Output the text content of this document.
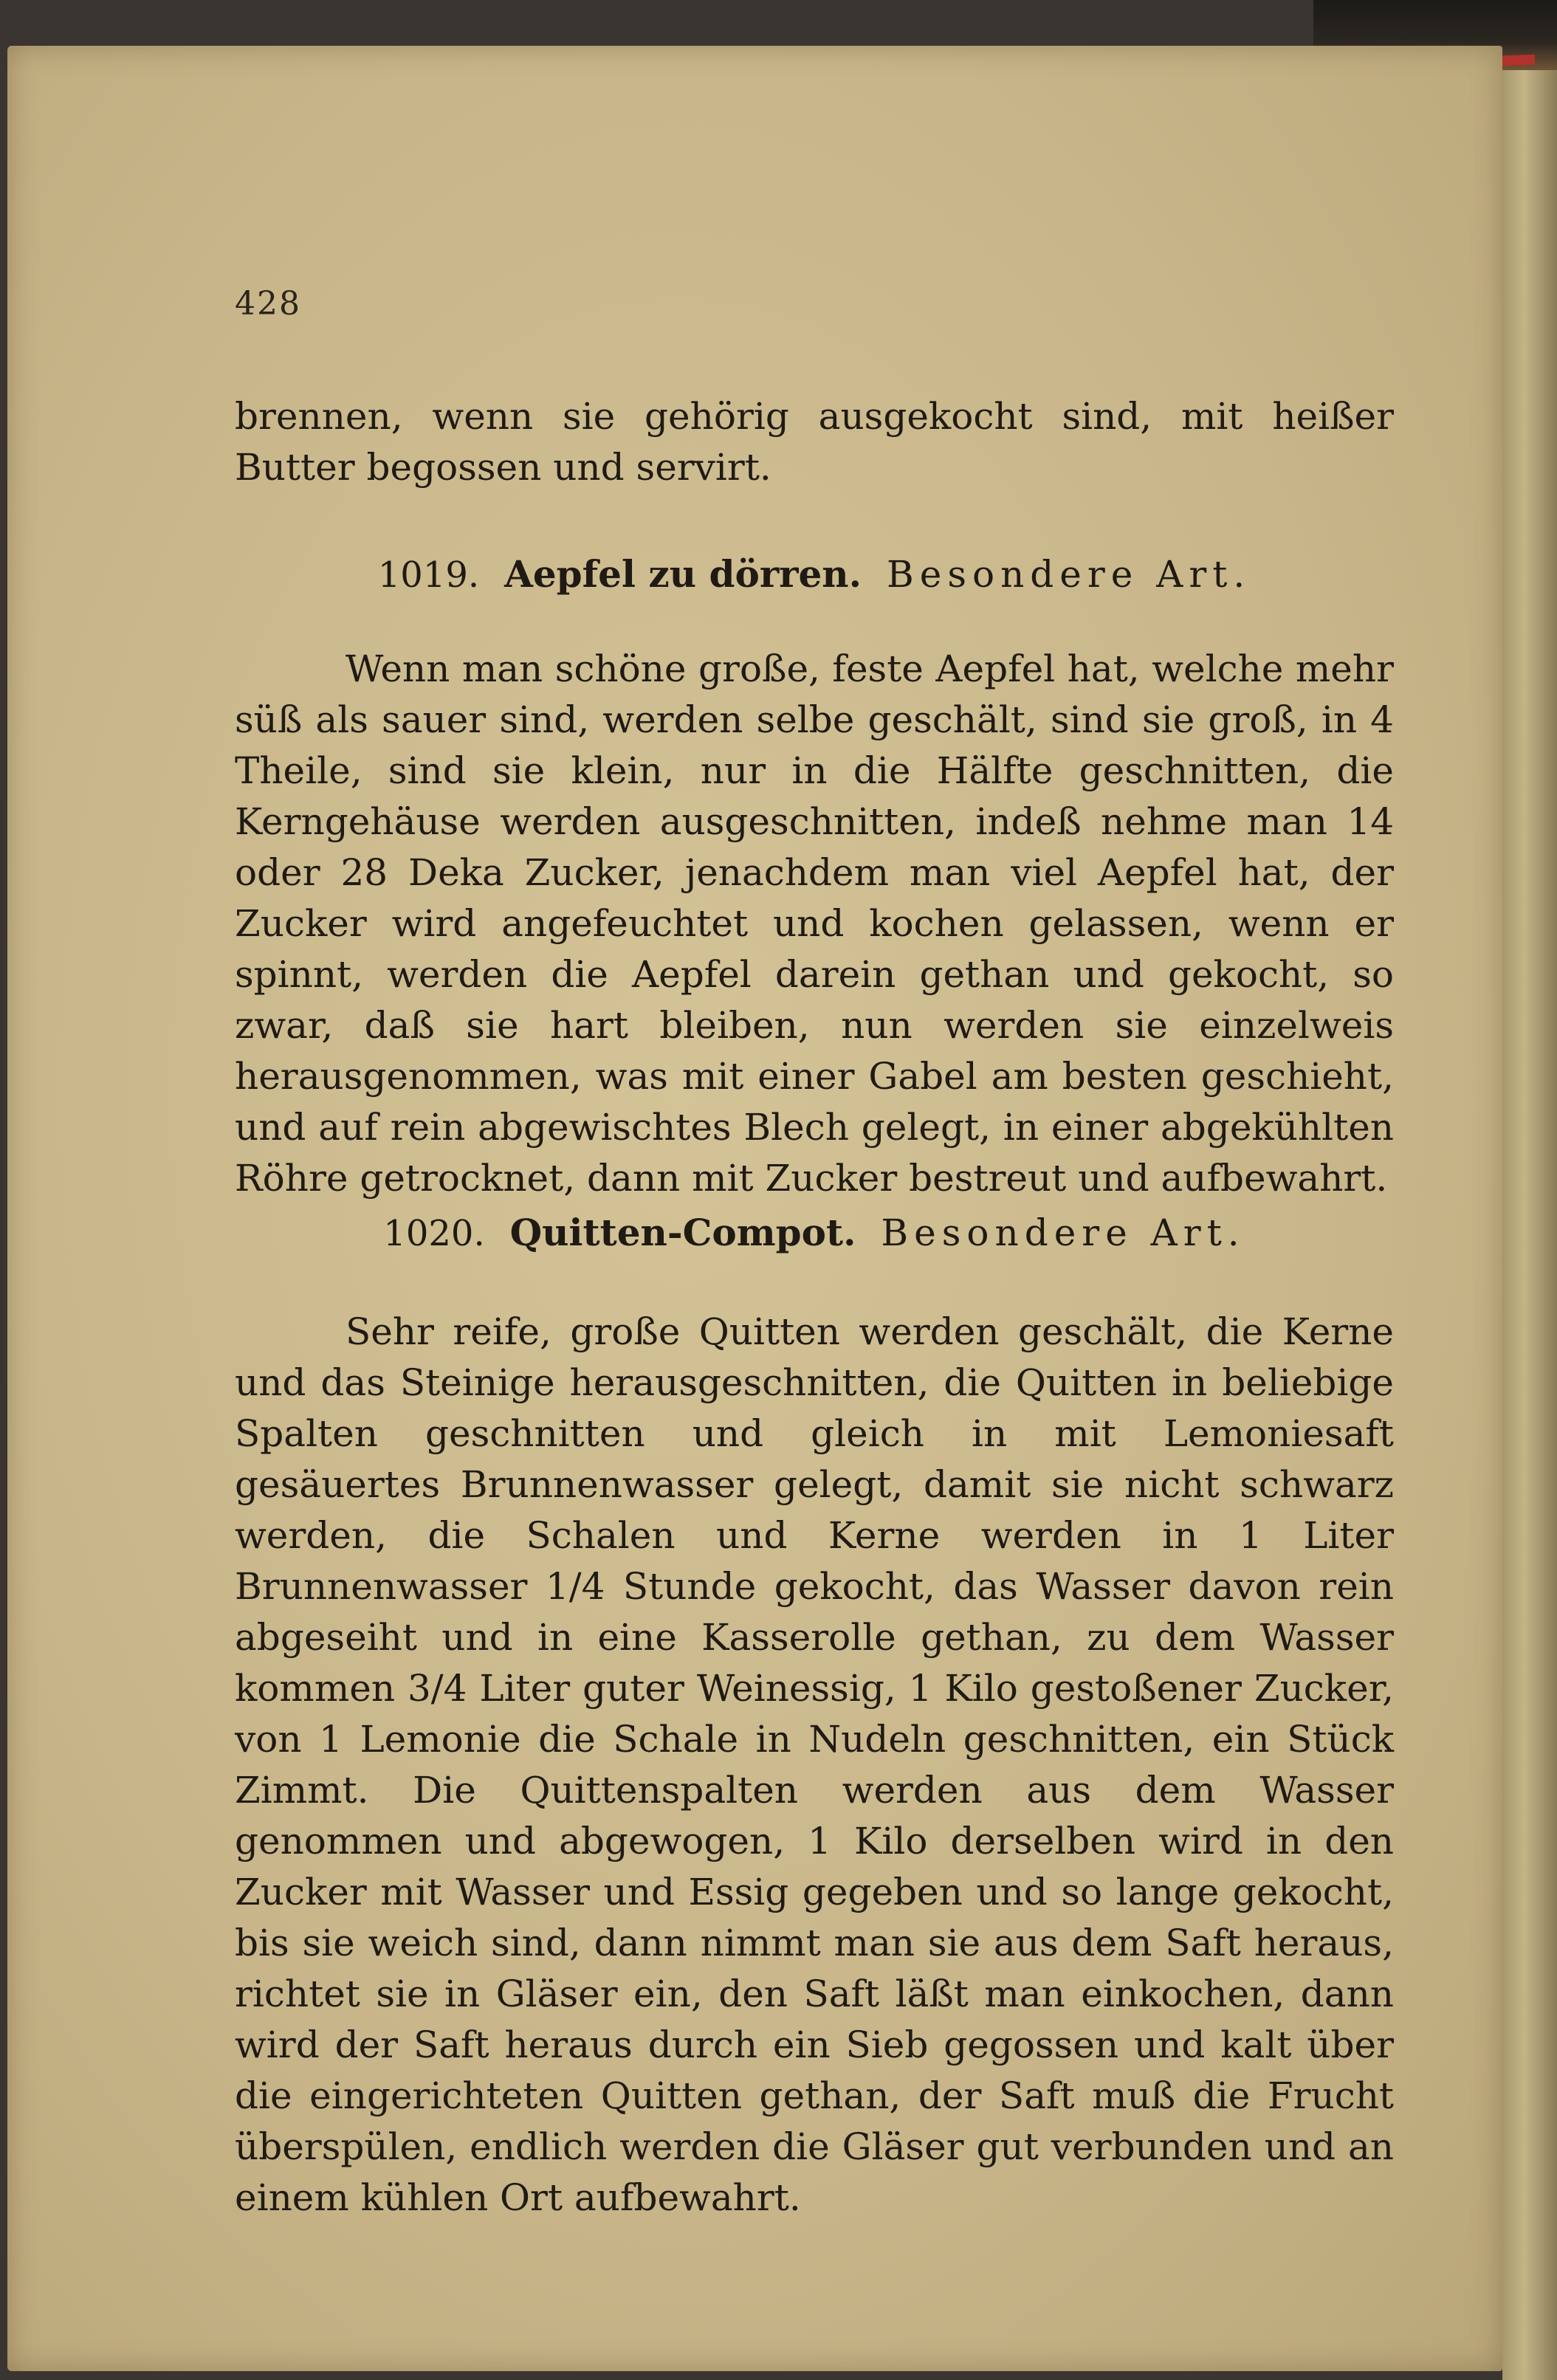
428
brennen, wenn sie gehörig ausgekocht sind, mit heißer Butter begossen und servirt.
1019. Aepfel zu dörren. Besondere Art.
Wenn man schöne große, feste Aepfel hat, welche mehr süß als sauer sind, werden selbe geschält, sind sie groß, in 4 Theile, sind sie klein, nur in die Hälfte geschnitten, die Kerngehäuse werden ausgeschnitten, indeß nehme man 14 oder 28 Deka Zucker, jenachdem man viel Aepfel hat, der Zucker wird angefeuchtet und kochen gelassen, wenn er spinnt, werden die Aepfel darein gethan und gekocht, so zwar, daß sie hart bleiben, nun werden sie einzelweis herausgenommen, was mit einer Gabel am besten geschieht, und auf rein abgewischtes Blech gelegt, in einer abgekühlten Röhre getrocknet, dann mit Zucker bestreut und aufbewahrt.
1020. Quitten-Compot. Besondere Art.
Sehr reife, große Quitten werden geschält, die Kerne und das Steinige herausgeschnitten, die Quitten in beliebige Spalten geschnitten und gleich in mit Lemoniesaft gesäuertes Brunnenwasser gelegt, damit sie nicht schwarz werden, die Schalen und Kerne werden in 1 Liter Brunnenwasser 1/4 Stunde gekocht, das Wasser davon rein abgeseiht und in eine Kasserolle gethan, zu dem Wasser kommen 3/4 Liter guter Weinessig, 1 Kilo gestoßener Zucker, von 1 Lemonie die Schale in Nudeln geschnitten, ein Stück Zimmt. Die Quittenspalten werden aus dem Wasser genommen und abgewogen, 1 Kilo derselben wird in den Zucker mit Wasser und Essig gegeben und so lange gekocht, bis sie weich sind, dann nimmt man sie aus dem Saft heraus, richtet sie in Gläser ein, den Saft läßt man einkochen, dann wird der Saft heraus durch ein Sieb gegossen und kalt über die eingerichteten Quitten gethan, der Saft muß die Frucht überspülen, endlich werden die Gläser gut verbunden und an einem kühlen Ort aufbewahrt.
